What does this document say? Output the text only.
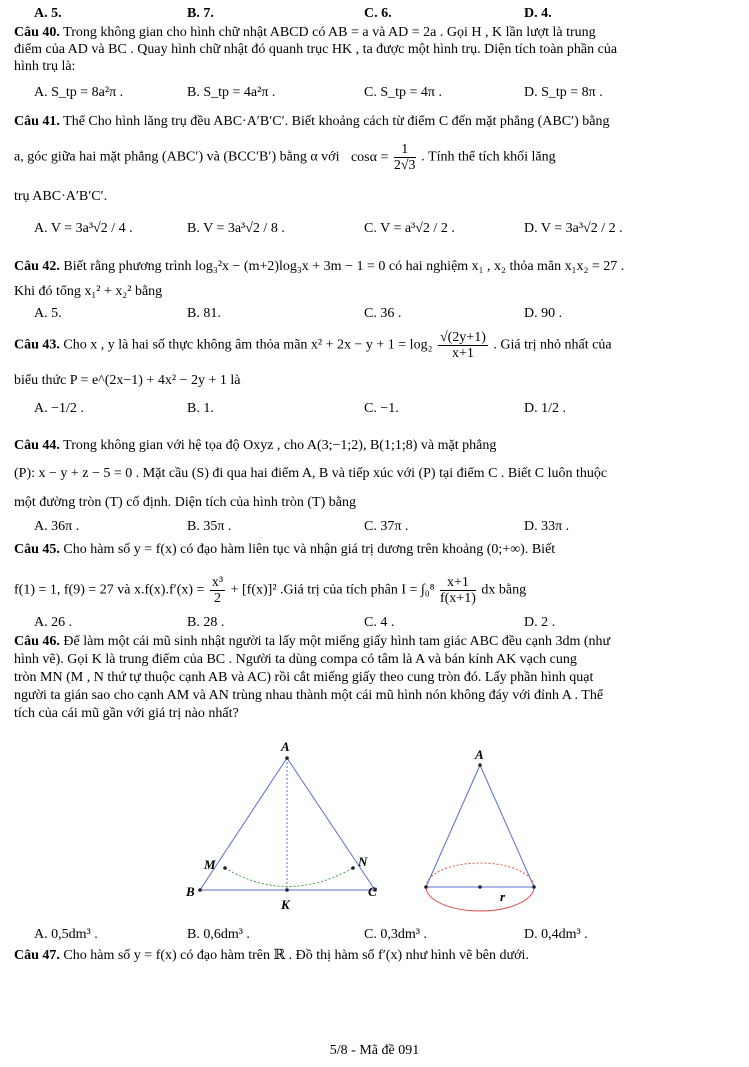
A. 5.	B. 7.	C. 6.	D. 4.
Câu 40. Trong không gian cho hình chữ nhật ABCD có AB = a và AD = 2a . Gọi H , K lần lượt là trung
điểm của AD và BC . Quay hình chữ nhật đó quanh trục HK , ta được một hình trụ. Diện tích toàn phần của
hình trụ là:
A. S_tp = 8a²π .	B. S_tp = 4a²π .	C. S_tp = 4π .	D. S_tp = 8π .
Câu 41. Thể Cho hình lăng trụ đều ABC·A′B′C′. Biết khoảng cách từ điểm C đến mặt phẳng (ABC′) bằng
a, góc giữa hai mặt phẳng (ABC′) và (BCC′B′) bằng α với $\cos\alpha = \frac{1}{2√3}$ . Tính thể tích khối lăng
trụ ABC·A′B′C′.
A. V = 3a³√2 / 4 .	B. V = 3a³√2 / 8 .	C. V = a³√2 / 2 .	D. V = 3a³√2 / 2 .
Câu 42. Biết rằng phương trình log₃²x − (m+2)log₃x + 3m − 1 = 0 có hai nghiệm x₁ , x₂ thỏa mãn x₁x₂ = 27 .
Khi đó tổng x₁² + x₂² bằng
A. 5.	B. 81.	C. 36 .	D. 90 .
Câu 43. Cho x , y là hai số thực không âm thỏa mãn $x^2 + 2x - y + 1 = \log_2 \frac{√(2y+1)}{x+1}$ . Giá trị nhỏ nhất của
biểu thức P = e^(2x−1) + 4x² − 2y + 1 là
A. −1/2 .	B. 1.	C. −1.	D. 1/2 .
Câu 44. Trong không gian với hệ tọa độ Oxyz , cho A(3;−1;2), B(1;1;8) và mặt phẳng
(P): x − y + z − 5 = 0 . Mặt cầu (S) đi qua hai điểm A, B và tiếp xúc với (P) tại điểm C . Biết C luôn thuộc
một đường tròn (T) cố định. Diện tích của hình tròn (T) bằng
A. 36π .	B. 35π .	C. 37π .	D. 33π .
Câu 45. Cho hàm số y = f(x) có đạo hàm liên tục và nhận giá trị dương trên khoảng (0;+∞). Biết
f(1) = 1, f(9) = 27 và $x.f(x).f'(x) = \frac{\text{x³}}{2} + [f(x)]^2$ .Giá trị của tích phân $I = \int_0^8 \frac{x+1}{f(x+1)}$ dx bằng
A. 26 .	B. 28 .	C. 4 .	D. 2 .
Câu 46. Để làm một cái mũ sinh nhật người ta lấy một miếng giấy hình tam giác ABC đều cạnh 3dm (như
hình vẽ). Gọi K là trung điểm của BC . Người ta dùng compa có tâm là A và bán kính AK vạch cung
tròn MN (M , N thứ tự thuộc cạnh AB và AC) rồi cắt miếng giấy theo cung tròn đó. Lấy phần hình quạt
người ta gián sao cho cạnh AM và AN trùng nhau thành một cái mũ hình nón không đáy với đỉnh A . Thể
tích của cái mũ gần với giá trị nào nhất?
A
M	N
B	C
K
A
r
A. 0,5dm³ .	B. 0,6dm³ .	C. 0,3dm³ .	D. 0,4dm³ .
Câu 47. Cho hàm số y = f(x) có đạo hàm trên ℝ . Đồ thị hàm số f′(x) như hình vẽ bên dưới.
5/8 - Mã đề 091
